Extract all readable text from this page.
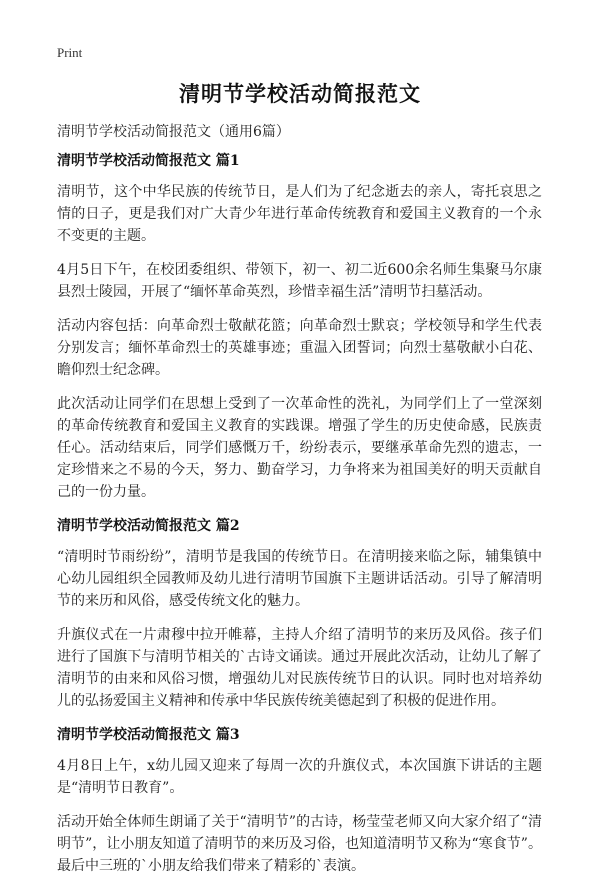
Print
清明节学校活动简报范文
清明节学校活动简报范文（通用6篇）
清明节学校活动简报范文 篇1

清明节，这个中华民族的传统节日，是人们为了纪念逝去的亲人，寄托哀思之情的日子，更是我们对广大青少年进行革命传统教育和爱国主义教育的一个永不变更的主题。

4月5日下午，在校团委组织、带领下，初一、初二近600余名师生集聚马尔康县烈士陵园，开展了“缅怀革命英烈，珍惜幸福生活”清明节扫墓活动。

活动内容包括：向革命烈士敬献花篮；向革命烈士默哀；学校领导和学生代表分别发言；缅怀革命烈士的英雄事迹；重温入团誓词；向烈士墓敬献小白花、瞻仰烈士纪念碑。

此次活动让同学们在思想上受到了一次革命性的洗礼，为同学们上了一堂深刻的革命传统教育和爱国主义教育的实践课。增强了学生的历史使命感，民族责任心。活动结束后，同学们感慨万千，纷纷表示，要继承革命先烈的遗志，一定珍惜来之不易的今天，努力、勤奋学习，力争将来为祖国美好的明天贡献自己的一份力量。

清明节学校活动简报范文 篇2

“清明时节雨纷纷”，清明节是我国的传统节日。在清明接来临之际，辅集镇中心幼儿园组织全园教师及幼儿进行清明节国旗下主题讲话活动。引导了解清明节的来历和风俗，感受传统文化的魅力。

升旗仪式在一片肃穆中拉开帷幕，主持人介绍了清明节的来历及风俗。孩子们进行了国旗下与清明节相关的`古诗文诵读。通过开展此次活动，让幼儿了解了清明节的由来和风俗习惯，增强幼儿对民族传统节日的认识。同时也对培养幼儿的弘扬爱国主义精神和传承中华民族传统美德起到了积极的促进作用。

清明节学校活动简报范文 篇3

4月8日上午，x幼儿园又迎来了每周一次的升旗仪式，本次国旗下讲话的主题是“清明节日教育”。

活动开始全体师生朗诵了关于“清明节”的古诗，杨莹莹老师又向大家介绍了“清明节”，让小朋友知道了清明节的来历及习俗，也知道清明节又称为“寒食节”。最后中三班的`小朋友给我们带来了精彩的`表演。
